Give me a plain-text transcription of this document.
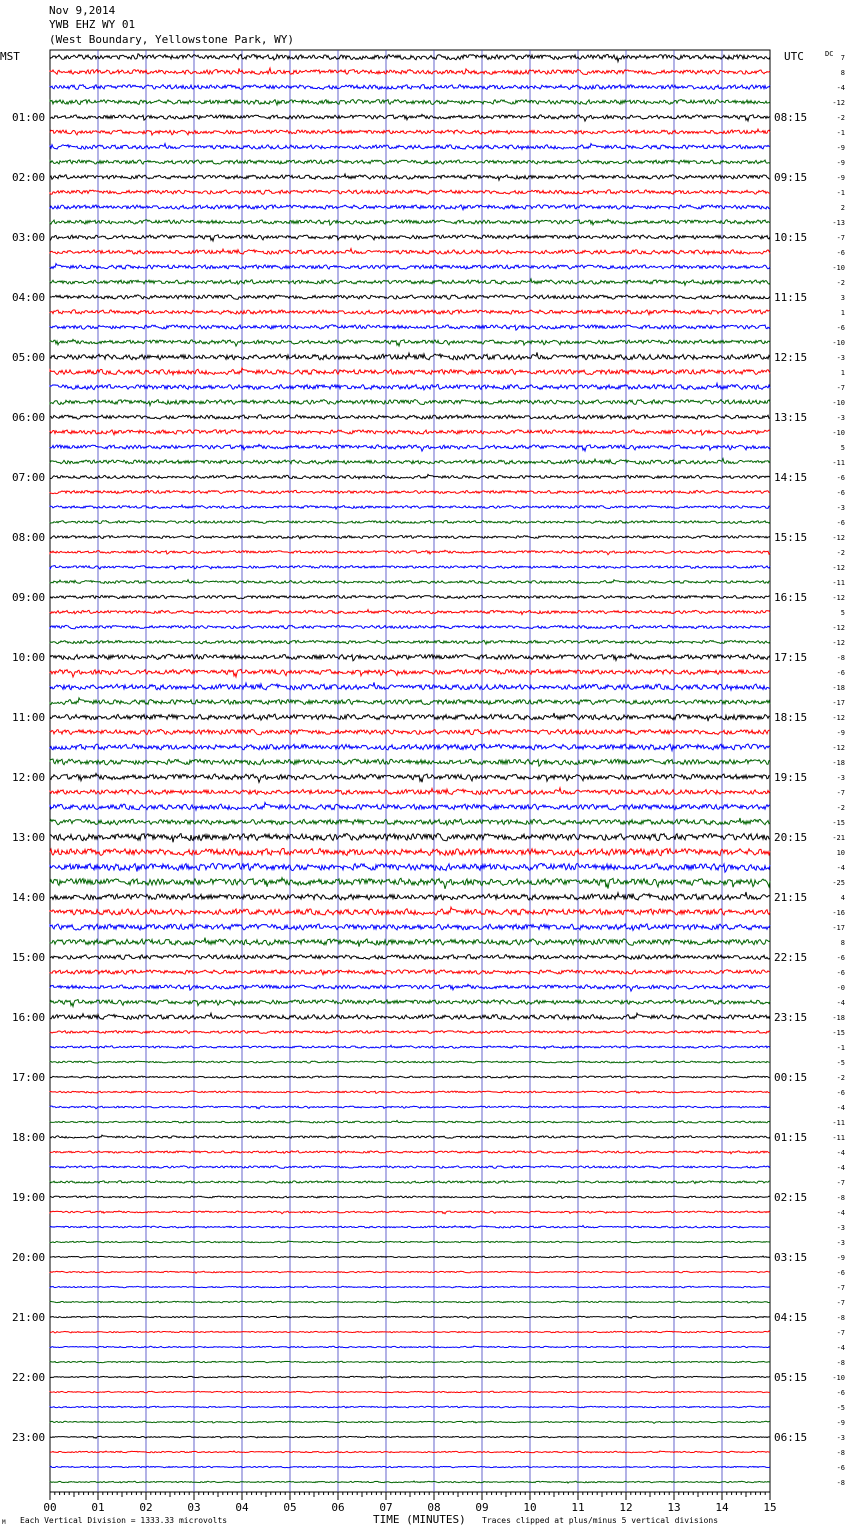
Nov 9,2014
YWB EHZ WY 01
(West Boundary, Yellowstone Park, WY)
MST	UTC	DC
01:00
02:00
03:00
04:00
05:00
06:00
07:00
08:00
09:00
10:00
11:00
12:00
13:00
14:00
15:00
16:00
17:00
18:00
19:00
20:00
21:00
22:00
23:00
08:15
09:15
10:15
11:15
12:15
13:15
14:15
15:15
16:15
17:15
18:15
19:15
20:15
21:15
22:15
23:15
00:15
01:15
02:15
03:15
04:15
05:15
06:15
7
8
-4
-12
-2
-1
-9
-9
-9
-1
2
-13
-7
-6
-10
-2
3
1
-6
-10
-3
1
-7
-10
-3
-10
5
-11
-6
-6
-3
-6
-12
-2
-12
-11
-12
5
-12
-12
-8
-6
-18
-17
-12
-9
-12
-18
-3
-7
-2
-15
-21
10
-4
-25
4
-16
-17
8
-6
-6
-0
-4
-18
-15
-1
-5
-2
-6
-4
-11
-11
-4
-4
-7
-8
-4
-3
-3
-9
-6
-7
-7
-8
-7
-4
-8
-10
-6
-5
-9
-3
-8
-6
-8
00	01	02	03	04	05	06	07	08	09	10	11	12	13	14	15
M Each Vertical Division = 1333.33 microvolts	TIME (MINUTES) Traces clipped at plus/minus 5 vertical divisions
